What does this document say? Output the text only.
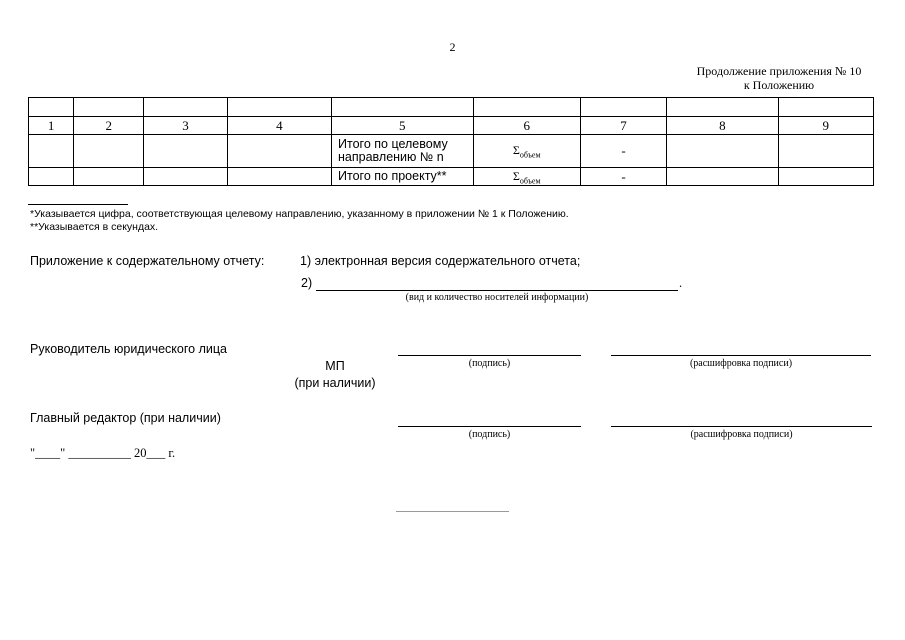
2
Продолжение приложения № 10
к Положению

1	2	3	4	5	6	7	8	9
				Итого по целевому направлению № n	$\Sigma_{объем}$	-		
				Итого по проекту**	$\Sigma_{объем}$	-		
*Указывается цифра, соответствующая целевому направлению, указанному в приложении № 1 к Положению.
**Указывается в секундах.
Приложение к содержательному отчету:	1) электронная версия содержательного отчета;
2)	.
(вид и количество носителей информации)
Руководитель юридического лица
(подпись)	(расшифровка подписи)
МП
(при наличии)
Главный редактор (при наличии)
(подпись)	(расшифровка подписи)
"____" __________ 20___ г.
